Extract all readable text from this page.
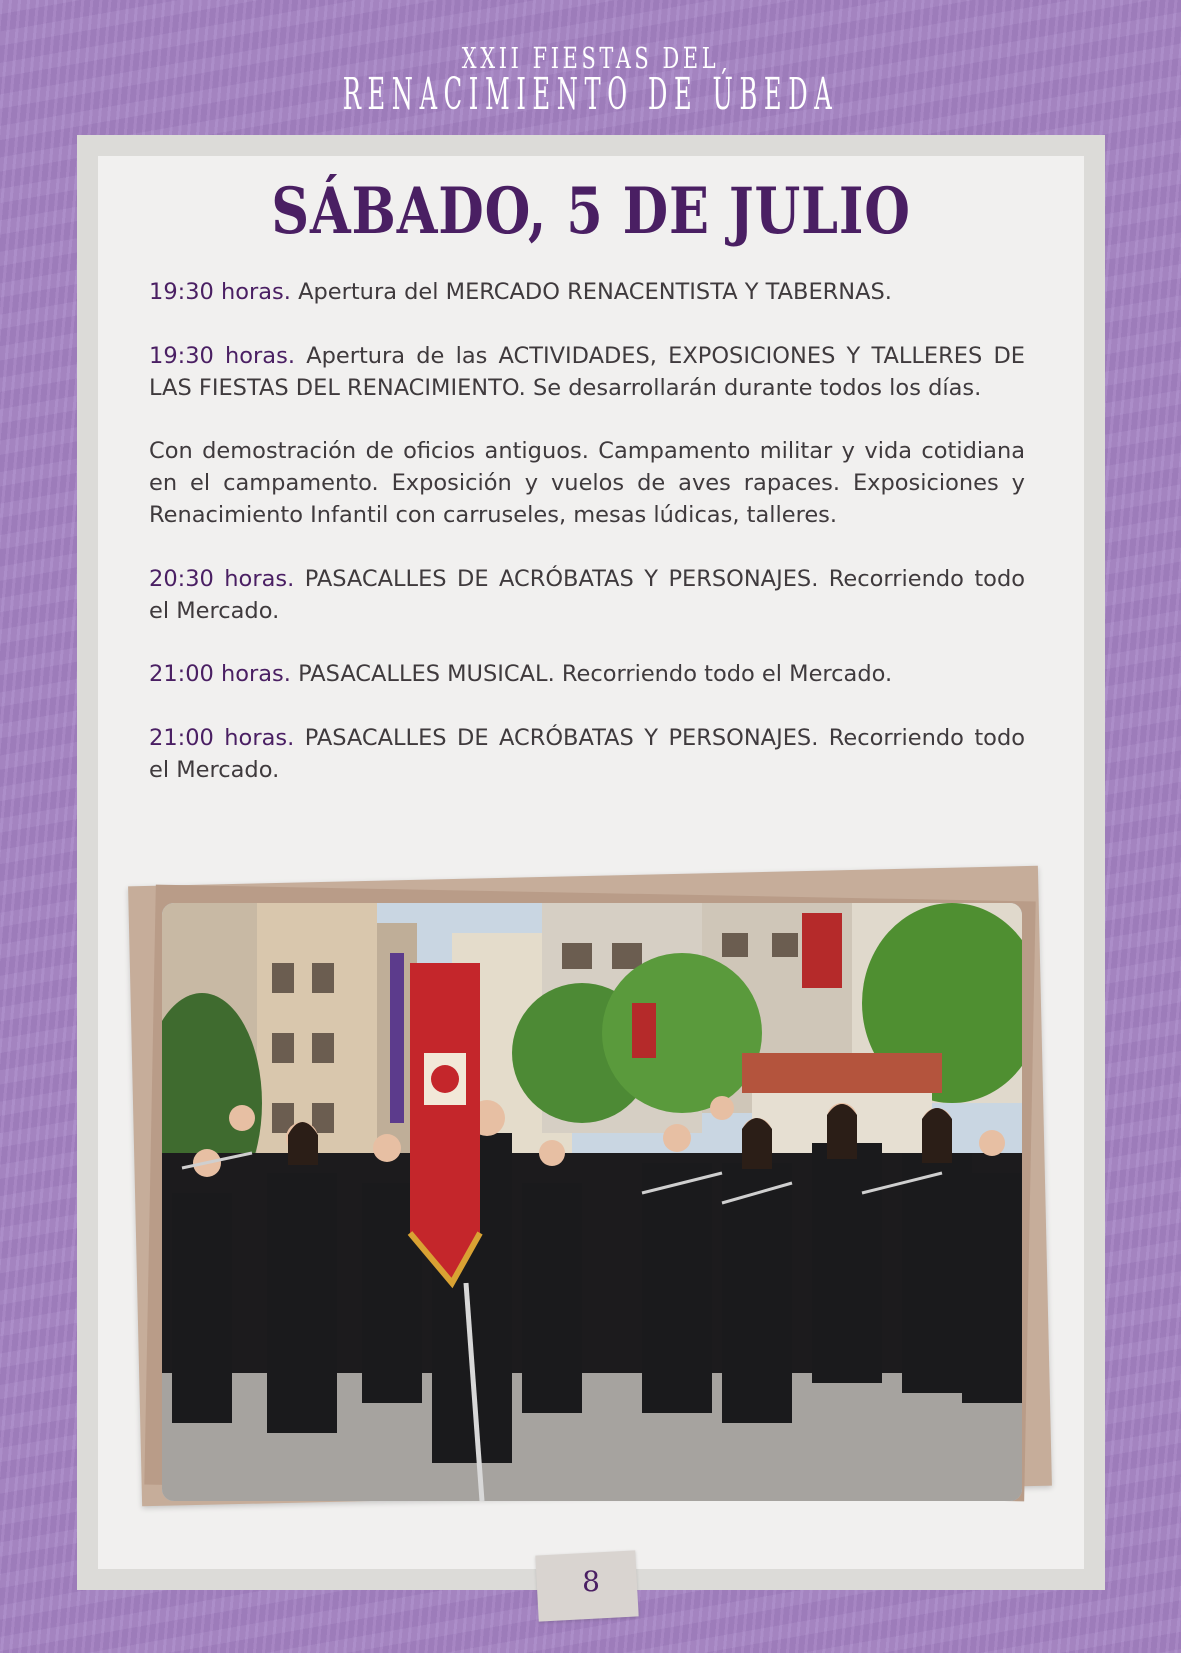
XXII FIESTAS DEL
RENACIMIENTO DE ÚBEDA
SÁBADO, 5 DE JULIO

19:30 horas. Apertura del MERCADO RENACENTISTA Y TABERNAS.

19:30 horas. Apertura de las ACTIVIDADES, EXPOSICIONES Y TALLERES DE LAS FIESTAS DEL RENACIMIENTO. Se desarrollarán durante todos los días.

Con demostración de oficios antiguos. Campamento militar y vida cotidiana en el campamento. Exposición y vuelos de aves rapaces. Exposiciones y Renacimiento Infantil con carruseles, mesas lúdicas, talleres.

20:30 horas. PASACALLES DE ACRÓBATAS Y PERSONAJES. Recorriendo todo el Mercado.

21:00 horas. PASACALLES MUSICAL. Recorriendo todo el Mercado.

21:00 horas. PASACALLES DE ACRÓBATAS Y PERSONAJES. Recorriendo todo el Mercado.

8
